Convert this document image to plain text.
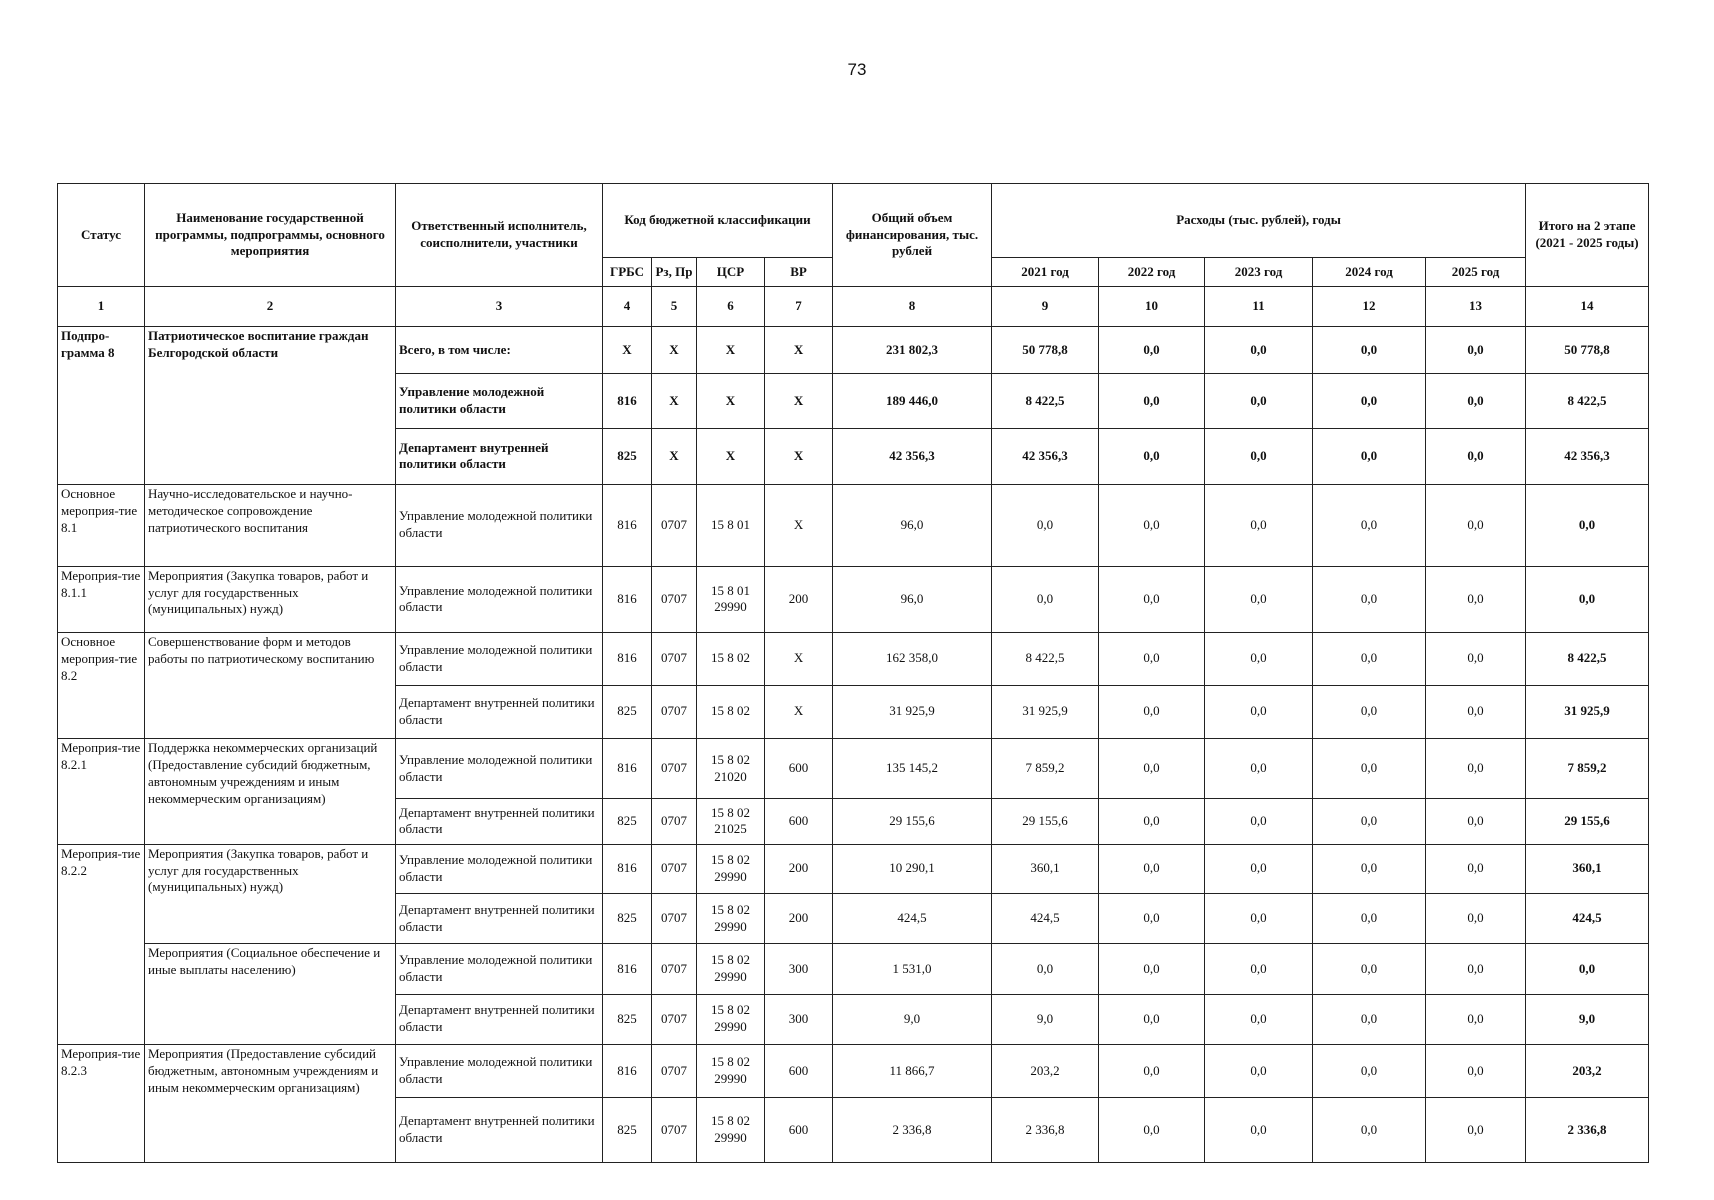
73
Статус	Наименование государственной программы, подпрограммы, основного мероприятия	Ответственный исполнитель, соисполнители, участники	Код бюджетной классификации				Общий объем финансирования, тыс. рублей	Расходы (тыс. рублей), годы					Итого на 2 этапе (2021 - 2025 годы)
			ГРБС	Рз, Пр	ЦСР	ВР		2021 год	2022 год	2023 год	2024 год	2025 год	
1	2	3	4	5	6	7	8	9	10	11	12	13	14
Подпро-грамма 8	Патриотическое воспитание граждан Белгородской области	Всего, в том числе:	Х	Х	Х	Х	231 802,3	50 778,8	0,0	0,0	0,0	0,0	50 778,8
		Управление молодежной политики области	816	Х	Х	Х	189 446,0	8 422,5	0,0	0,0	0,0	0,0	8 422,5
		Департамент внутренней политики области	825	Х	Х	Х	42 356,3	42 356,3	0,0	0,0	0,0	0,0	42 356,3
Основное мероприя-тие 8.1	Научно-исследовательское и научно-методическое сопровождение патриотического воспитания	Управление молодежной политики области	816	0707	15 8 01	Х	96,0	0,0	0,0	0,0	0,0	0,0	0,0
Мероприя-тие 8.1.1	Мероприятия (Закупка товаров, работ и услуг для государственных (муниципальных) нужд)	Управление молодежной политики области	816	0707	15 8 01 29990	200	96,0	0,0	0,0	0,0	0,0	0,0	0,0
Основное мероприя-тие 8.2	Совершенствование форм и методов работы по патриотическому воспитанию	Управление молодежной политики области	816	0707	15 8 02	Х	162 358,0	8 422,5	0,0	0,0	0,0	0,0	8 422,5
		Департамент внутренней политики области	825	0707	15 8 02	Х	31 925,9	31 925,9	0,0	0,0	0,0	0,0	31 925,9
Мероприя-тие 8.2.1	Поддержка некоммерческих организаций (Предоставление субсидий бюджетным, автономным учреждениям и иным некоммерческим организациям)	Управление молодежной политики области	816	0707	15 8 02 21020	600	135 145,2	7 859,2	0,0	0,0	0,0	0,0	7 859,2
		Департамент внутренней политики области	825	0707	15 8 02 21025	600	29 155,6	29 155,6	0,0	0,0	0,0	0,0	29 155,6
Мероприя-тие 8.2.2	Мероприятия (Закупка товаров, работ и услуг для государственных (муниципальных) нужд)	Управление молодежной политики области	816	0707	15 8 02 29990	200	10 290,1	360,1	0,0	0,0	0,0	0,0	360,1
		Департамент внутренней политики области	825	0707	15 8 02 29990	200	424,5	424,5	0,0	0,0	0,0	0,0	424,5
	Мероприятия (Социальное обеспечение и иные выплаты населению)	Управление молодежной политики области	816	0707	15 8 02 29990	300	1 531,0	0,0	0,0	0,0	0,0	0,0	0,0
		Департамент внутренней политики области	825	0707	15 8 02 29990	300	9,0	9,0	0,0	0,0	0,0	0,0	9,0
Мероприя-тие 8.2.3	Мероприятия (Предоставление субсидий бюджетным, автономным учреждениям и иным некоммерческим организациям)	Управление молодежной политики области	816	0707	15 8 02 29990	600	11 866,7	203,2	0,0	0,0	0,0	0,0	203,2
		Департамент внутренней политики области	825	0707	15 8 02 29990	600	2 336,8	2 336,8	0,0	0,0	0,0	0,0	2 336,8
